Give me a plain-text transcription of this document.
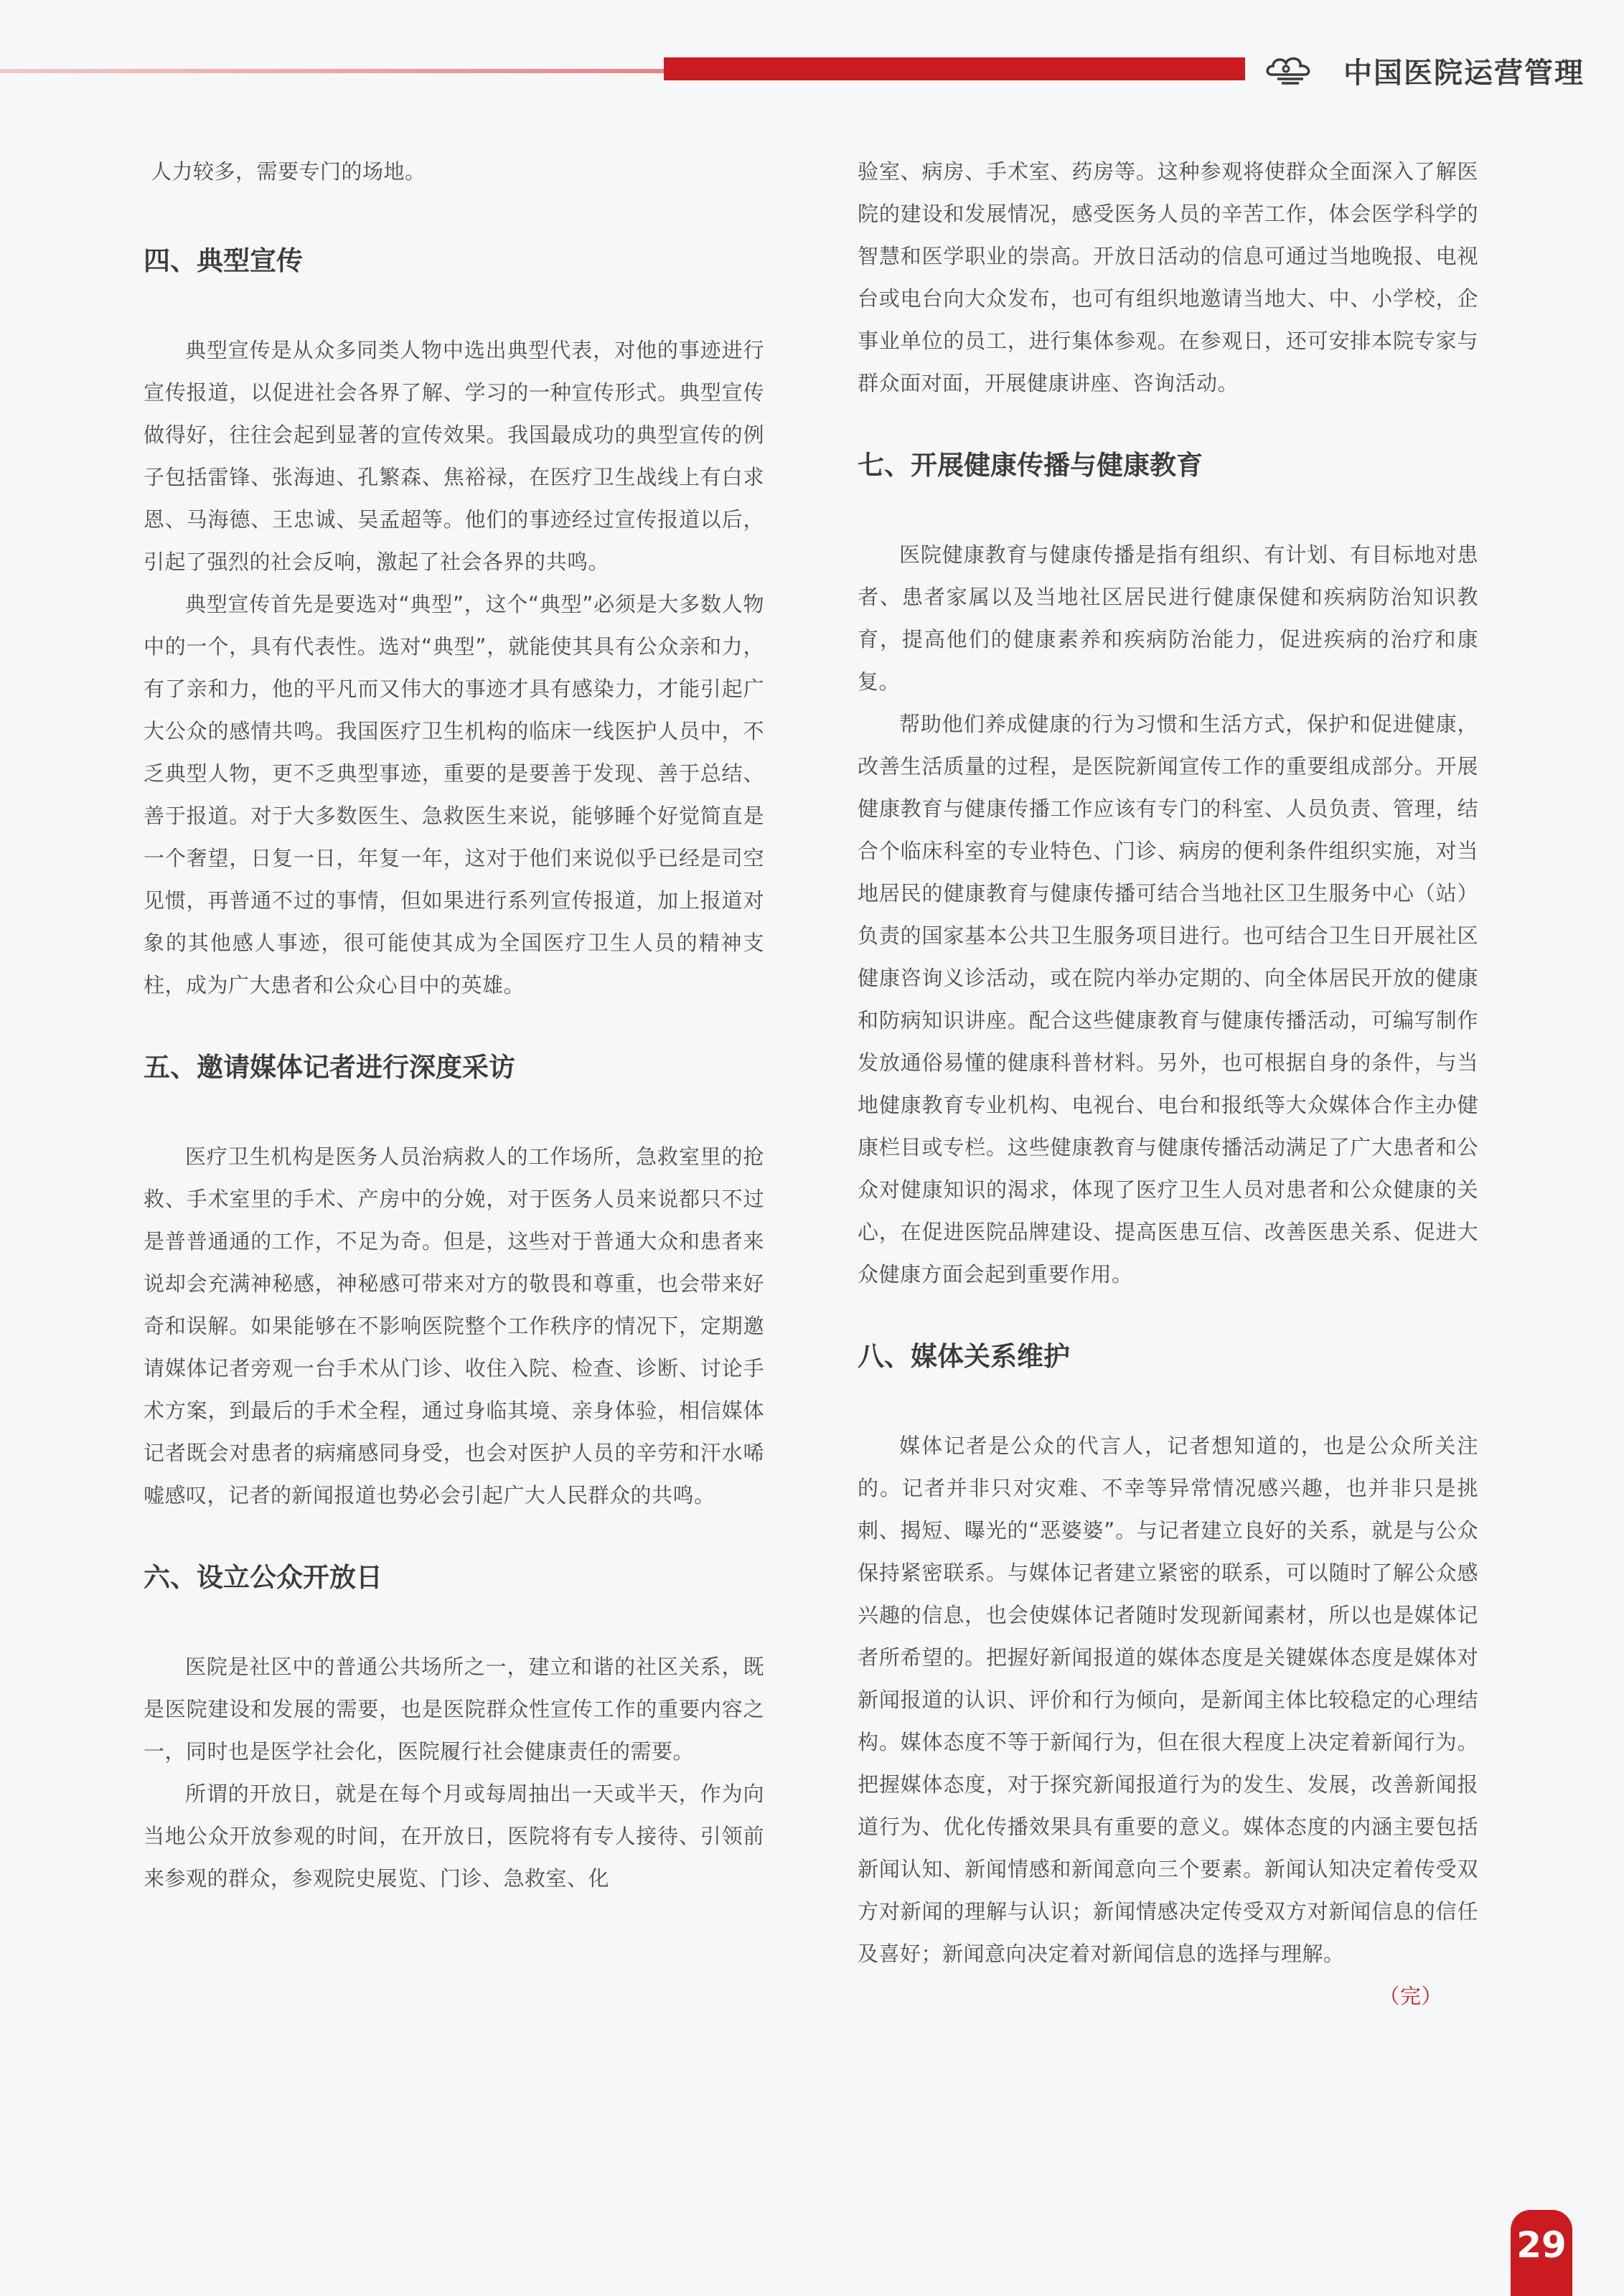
中国医院运营管理

人力较多，需要专门的场地。

四、典型宣传

典型宣传是从众多同类人物中选出典型代表，对他的事迹进行宣传报道，以促进社会各界了解、学习的一种宣传形式。典型宣传做得好，往往会起到显著的宣传效果。我国最成功的典型宣传的例子包括雷锋、张海迪、孔繁森、焦裕禄，在医疗卫生战线上有白求恩、马海德、王忠诚、吴孟超等。他们的事迹经过宣传报道以后，引起了强烈的社会反响，激起了社会各界的共鸣。

典型宣传首先是要选对“典型”，这个“典型”必须是大多数人物中的一个，具有代表性。选对“典型”，就能使其具有公众亲和力，有了亲和力，他的平凡而又伟大的事迹才具有感染力，才能引起广大公众的感情共鸣。我国医疗卫生机构的临床一线医护人员中，不乏典型人物，更不乏典型事迹，重要的是要善于发现、善于总结、善于报道。对于大多数医生、急救医生来说，能够睡个好觉简直是一个奢望，日复一日，年复一年，这对于他们来说似乎已经是司空见惯，再普通不过的事情，但如果进行系列宣传报道，加上报道对象的其他感人事迹，很可能使其成为全国医疗卫生人员的精神支柱，成为广大患者和公众心目中的英雄。

五、邀请媒体记者进行深度采访

医疗卫生机构是医务人员治病救人的工作场所，急救室里的抢救、手术室里的手术、产房中的分娩，对于医务人员来说都只不过是普普通通的工作，不足为奇。但是，这些对于普通大众和患者来说却会充满神秘感，神秘感可带来对方的敬畏和尊重，也会带来好奇和误解。如果能够在不影响医院整个工作秩序的情况下，定期邀请媒体记者旁观一台手术从门诊、收住入院、检查、诊断、讨论手术方案，到最后的手术全程，通过身临其境、亲身体验，相信媒体记者既会对患者的病痛感同身受，也会对医护人员的辛劳和汗水唏嘘感叹，记者的新闻报道也势必会引起广大人民群众的共鸣。

六、设立公众开放日

医院是社区中的普通公共场所之一，建立和谐的社区关系，既是医院建设和发展的需要，也是医院群众性宣传工作的重要内容之一，同时也是医学社会化，医院履行社会健康责任的需要。

所谓的开放日，就是在每个月或每周抽出一天或半天，作为向当地公众开放参观的时间，在开放日，医院将有专人接待、引领前来参观的群众，参观院史展览、门诊、急救室、化

验室、病房、手术室、药房等。这种参观将使群众全面深入了解医院的建设和发展情况，感受医务人员的辛苦工作，体会医学科学的智慧和医学职业的崇高。开放日活动的信息可通过当地晚报、电视台或电台向大众发布，也可有组织地邀请当地大、中、小学校，企事业单位的员工，进行集体参观。在参观日，还可安排本院专家与群众面对面，开展健康讲座、咨询活动。

七、开展健康传播与健康教育

医院健康教育与健康传播是指有组织、有计划、有目标地对患者、患者家属以及当地社区居民进行健康保健和疾病防治知识教育，提高他们的健康素养和疾病防治能力，促进疾病的治疗和康复。

帮助他们养成健康的行为习惯和生活方式，保护和促进健康，改善生活质量的过程，是医院新闻宣传工作的重要组成部分。开展健康教育与健康传播工作应该有专门的科室、人员负责、管理，结合个临床科室的专业特色、门诊、病房的便利条件组织实施，对当地居民的健康教育与健康传播可结合当地社区卫生服务中心（站）负责的国家基本公共卫生服务项目进行。也可结合卫生日开展社区健康咨询义诊活动，或在院内举办定期的、向全体居民开放的健康和防病知识讲座。配合这些健康教育与健康传播活动，可编写制作发放通俗易懂的健康科普材料。另外，也可根据自身的条件，与当地健康教育专业机构、电视台、电台和报纸等大众媒体合作主办健康栏目或专栏。这些健康教育与健康传播活动满足了广大患者和公众对健康知识的渴求，体现了医疗卫生人员对患者和公众健康的关心，在促进医院品牌建设、提高医患互信、改善医患关系、促进大众健康方面会起到重要作用。

八、媒体关系维护

媒体记者是公众的代言人，记者想知道的，也是公众所关注的。记者并非只对灾难、不幸等异常情况感兴趣，也并非只是挑刺、揭短、曝光的“恶婆婆”。与记者建立良好的关系，就是与公众保持紧密联系。与媒体记者建立紧密的联系，可以随时了解公众感兴趣的信息，也会使媒体记者随时发现新闻素材，所以也是媒体记者所希望的。把握好新闻报道的媒体态度是关键媒体态度是媒体对新闻报道的认识、评价和行为倾向，是新闻主体比较稳定的心理结构。媒体态度不等于新闻行为，但在很大程度上决定着新闻行为。把握媒体态度，对于探究新闻报道行为的发生、发展，改善新闻报道行为、优化传播效果具有重要的意义。媒体态度的内涵主要包括新闻认知、新闻情感和新闻意向三个要素。新闻认知决定着传受双方对新闻的理解与认识；新闻情感决定传受双方对新闻信息的信任及喜好；新闻意向决定着对新闻信息的选择与理解。

（完）

29
